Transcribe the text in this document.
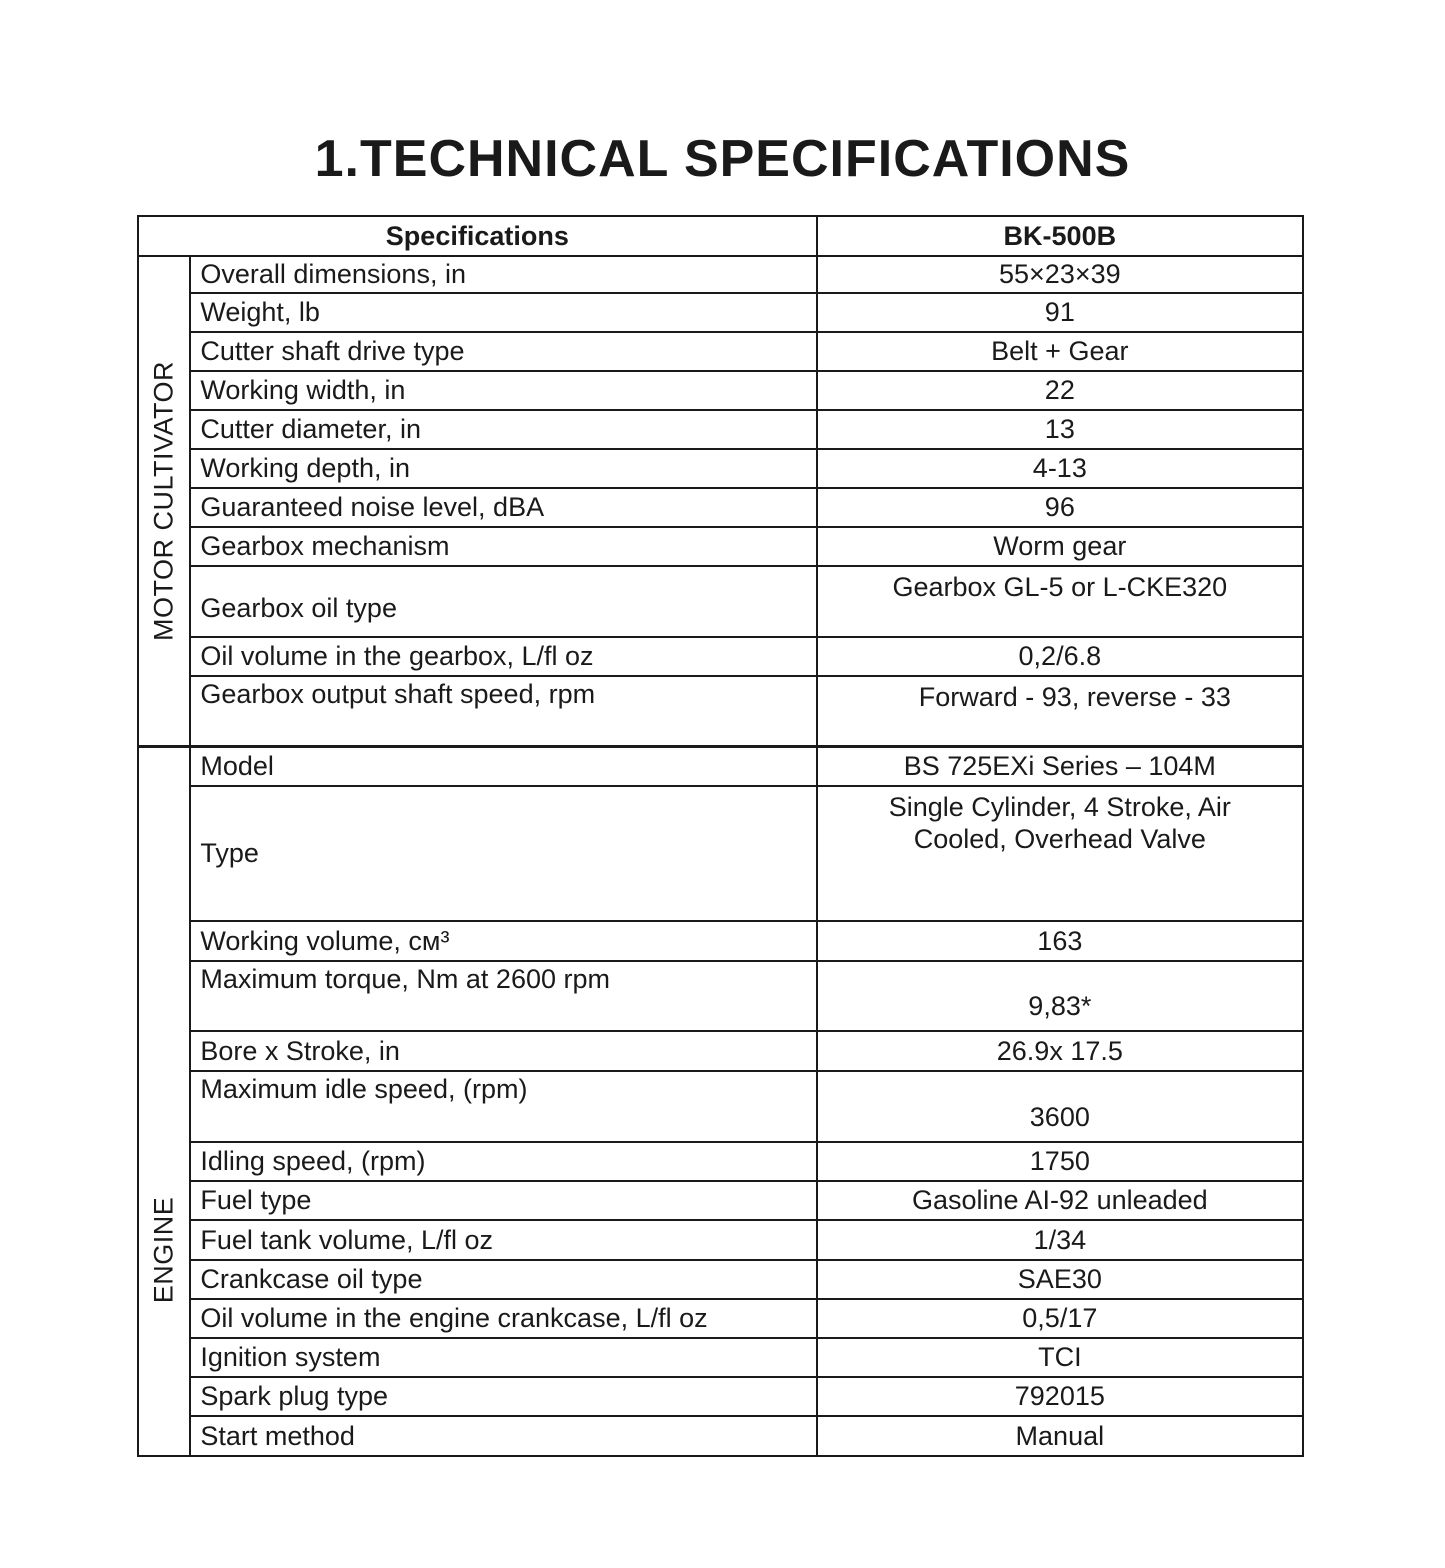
1.TECHNICAL SPECIFICATIONS
Specifications		BK-500B

MOTOR CULTIVATOR	Overall dimensions, in	55×23×39
	Weight, lb	91
	Cutter shaft drive type	Belt + Gear
	Working width, in	22
	Cutter diameter, in	13
	Working depth, in	4-13
	Guaranteed noise level, dBA	96
	Gearbox mechanism	Worm gear
	Gearbox oil type	Gearbox GL-5 or L-CKE320
	Oil volume in the gearbox, L/fl oz	0,2/6.8
	Gearbox output shaft speed, rpm	Forward - 93, reverse - 33

ENGINE	Model	BS 725EXi Series – 104M
	Type	Single Cylinder, 4 Stroke, Air Cooled, Overhead Valve
	Working volume, см³	163
	Maximum torque, Nm at 2600 rpm	9,83*
	Bore x Stroke, in	26.9x 17.5
	Maximum idle speed, (rpm)	3600
	Idling speed, (rpm)	1750
	Fuel type	Gasoline AI-92 unleaded
	Fuel tank volume, L/fl oz	1/34
	Crankcase oil type	SAE30
	Oil volume in the engine crankcase, L/fl oz	0,5/17
	Ignition system	TCI
	Spark plug type	792015
	Start method	Manual
